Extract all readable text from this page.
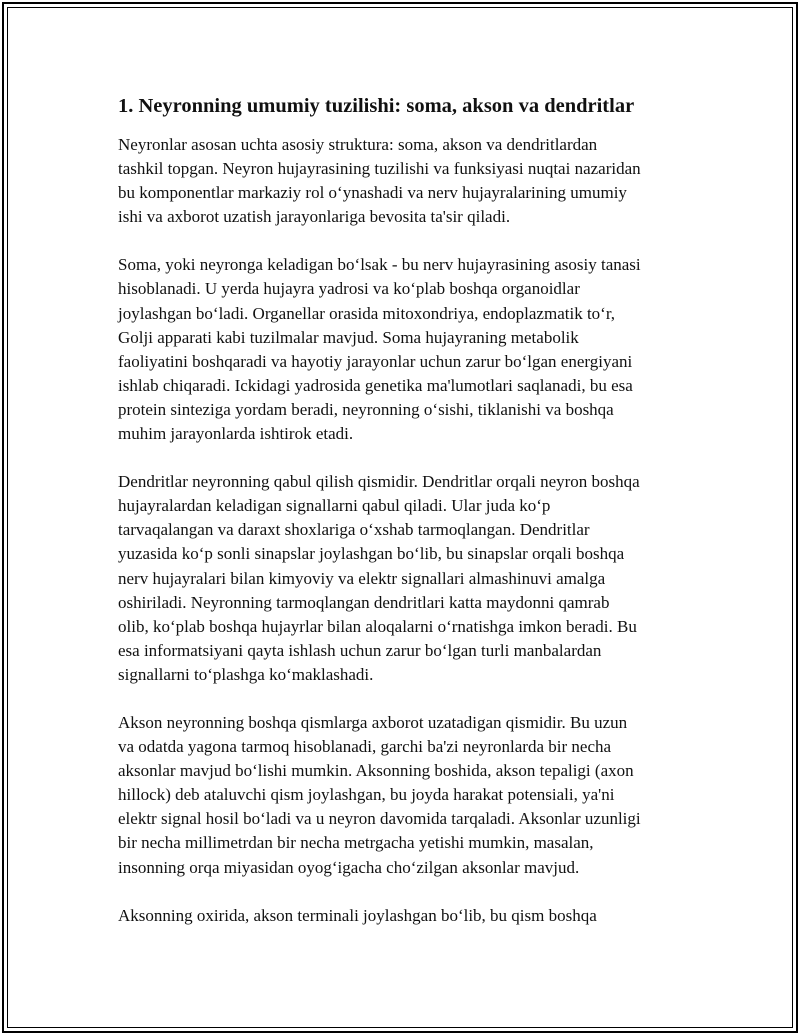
1. Neyronning umumiy tuzilishi: soma, akson va dendritlar

Neyronlar asosan uchta asosiy struktura: soma, akson va dendritlardan
tashkil topgan. Neyron hujayrasining tuzilishi va funksiyasi nuqtai nazaridan
bu komponentlar markaziy rol o‘ynashadi va nerv hujayralarining umumiy
ishi va axborot uzatish jarayonlariga bevosita ta'sir qiladi.

Soma, yoki neyronga keladigan bo‘lsak - bu nerv hujayrasining asosiy tanasi
hisoblanadi. U yerda hujayra yadrosi va ko‘plab boshqa organoidlar
joylashgan bo‘ladi. Organellar orasida mitoxondriya, endoplazmatik to‘r,
Golji apparati kabi tuzilmalar mavjud. Soma hujayraning metabolik
faoliyatini boshqaradi va hayotiy jarayonlar uchun zarur bo‘lgan energiyani
ishlab chiqaradi. Ickidagi yadrosida genetika ma'lumotlari saqlanadi, bu esa
protein sinteziga yordam beradi, neyronning o‘sishi, tiklanishi va boshqa
muhim jarayonlarda ishtirok etadi.

Dendritlar neyronning qabul qilish qismidir. Dendritlar orqali neyron boshqa
hujayralardan keladigan signallarni qabul qiladi. Ular juda ko‘p
tarvaqalangan va daraxt shoxlariga o‘xshab tarmoqlangan. Dendritlar
yuzasida ko‘p sonli sinapslar joylashgan bo‘lib, bu sinapslar orqali boshqa
nerv hujayralari bilan kimyoviy va elektr signallari almashinuvi amalga
oshiriladi. Neyronning tarmoqlangan dendritlari katta maydonni qamrab
olib, ko‘plab boshqa hujayrlar bilan aloqalarni o‘rnatishga imkon beradi. Bu
esa informatsiyani qayta ishlash uchun zarur bo‘lgan turli manbalardan
signallarni to‘plashga ko‘maklashadi.

Akson neyronning boshqa qismlarga axborot uzatadigan qismidir. Bu uzun
va odatda yagona tarmoq hisoblanadi, garchi ba'zi neyronlarda bir necha
aksonlar mavjud bo‘lishi mumkin. Aksonning boshida, akson tepaligi (axon
hillock) deb ataluvchi qism joylashgan, bu joyda harakat potensiali, ya'ni
elektr signal hosil bo‘ladi va u neyron davomida tarqaladi. Aksonlar uzunligi
bir necha millimetrdan bir necha metrgacha yetishi mumkin, masalan,
insonning orqa miyasidan oyog‘igacha cho‘zilgan aksonlar mavjud.

Aksonning oxirida, akson terminali joylashgan bo‘lib, bu qism boshqa
